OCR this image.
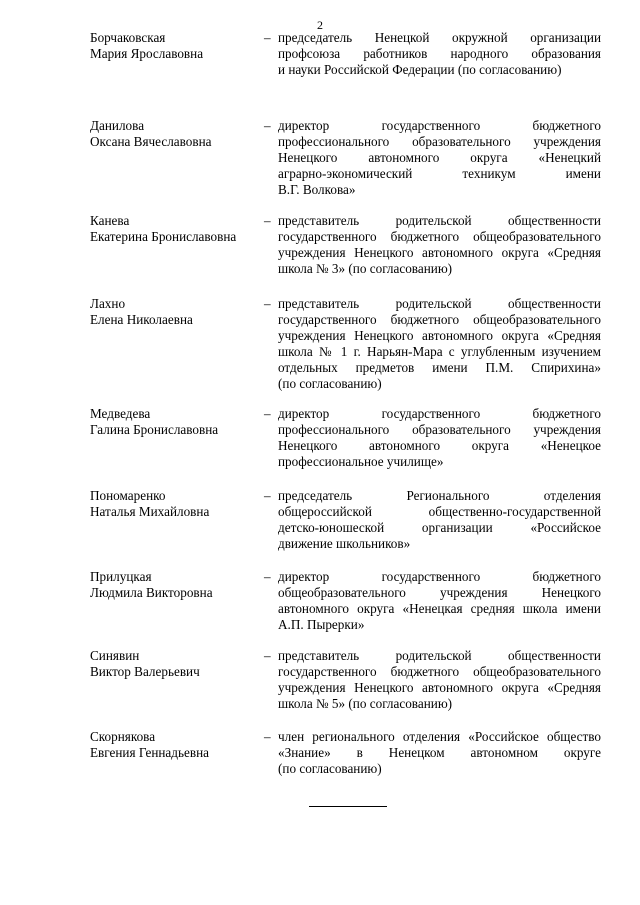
2
Борчаковская
Мария Ярославовна
– председатель Ненецкой окружной организации
профсоюза работников народного образования
и науки Российской Федерации (по согласованию)
Данилова
Оксана Вячеславовна
– директор государственного бюджетного
профессионального образовательного учреждения
Ненецкого автономного округа «Ненецкий
аграрно-экономический техникум имени
В.Г. Волкова»
Канева
Екатерина Брониславовна
– представитель родительской общественности
государственного бюджетного общеобразовательного
учреждения Ненецкого автономного округа «Средняя
школа № 3» (по согласованию)
Лахно
Елена Николаевна
– представитель родительской общественности
государственного бюджетного общеобразовательного
учреждения Ненецкого автономного округа «Средняя
школа № 1 г. Нарьян-Мара с углубленным изучением
отдельных предметов имени П.М. Спирихина»
(по согласованию)
Медведева
Галина Брониславовна
– директор государственного бюджетного
профессионального образовательного учреждения
Ненецкого автономного округа «Ненецкое
профессиональное училище»
Пономаренко
Наталья Михайловна
– председатель Регионального отделения
общероссийской общественно-государственной
детско-юношеской организации «Российское
движение школьников»
Прилуцкая
Людмила Викторовна
– директор государственного бюджетного
общеобразовательного учреждения Ненецкого
автономного округа «Ненецкая средняя школа имени
А.П. Пырерки»
Синявин
Виктор Валерьевич
– представитель родительской общественности
государственного бюджетного общеобразовательного
учреждения Ненецкого автономного округа «Средняя
школа № 5» (по согласованию)
Скорнякова
Евгения Геннадьевна
– член регионального отделения «Российское общество
«Знание» в Ненецком автономном округе
(по согласованию)
